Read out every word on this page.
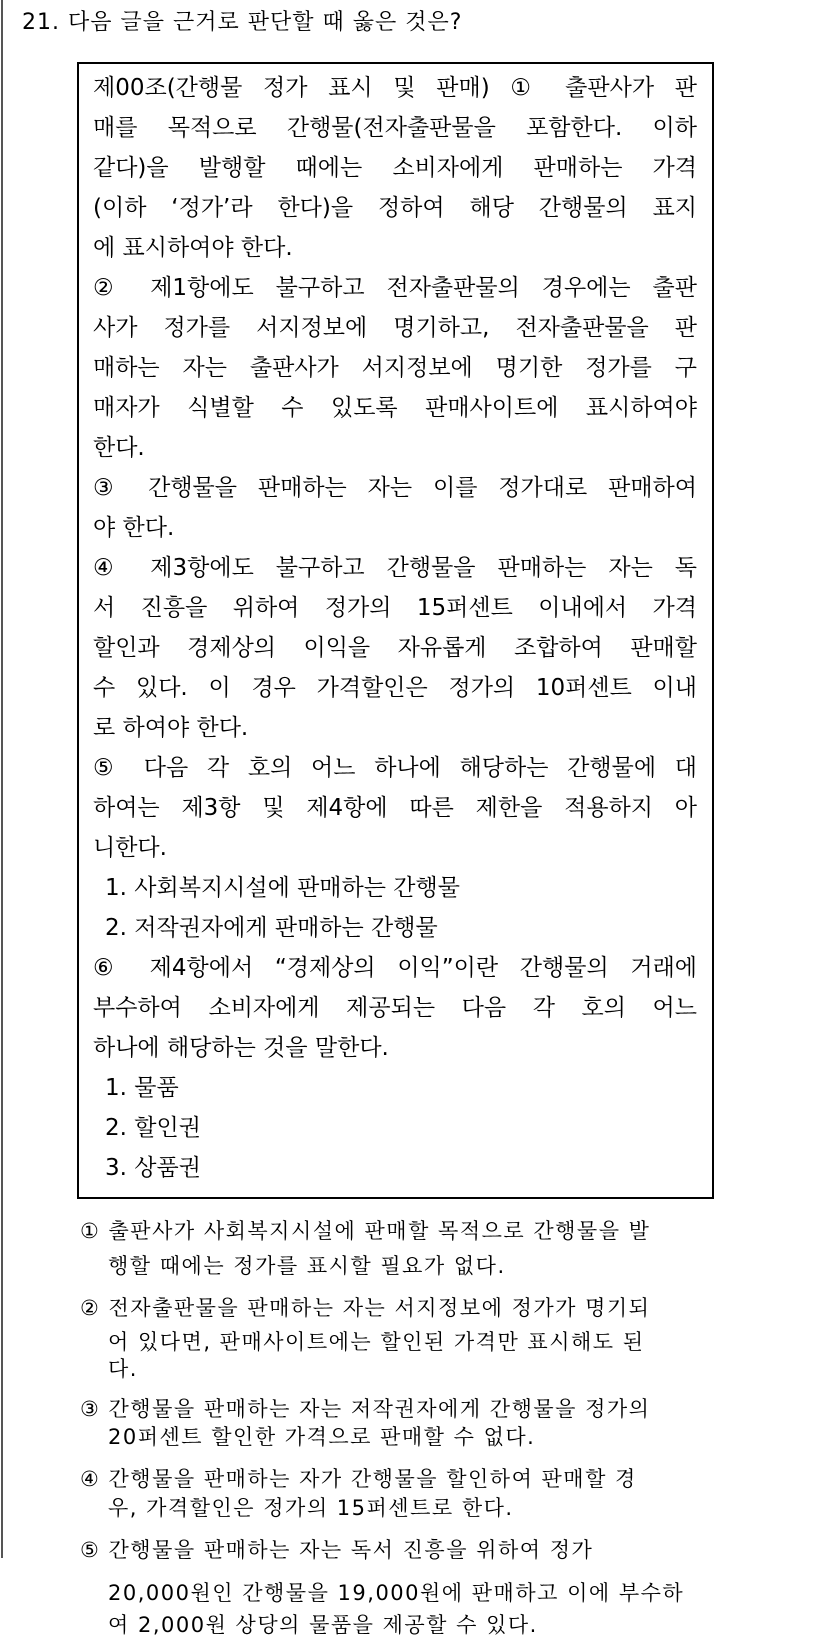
21. 다음 글을 근거로 판단할 때 옳은 것은?
제00조(간행물 정가 표시 및 판매) ① 출판사가 판
매를 목적으로 간행물(전자출판물을 포함한다. 이하
같다)을 발행할 때에는 소비자에게 판매하는 가격
(이하 ‘정가’라 한다)을 정하여 해당 간행물의 표지
에 표시하여야 한다.
② 제1항에도 불구하고 전자출판물의 경우에는 출판
사가 정가를 서지정보에 명기하고, 전자출판물을 판
매하는 자는 출판사가 서지정보에 명기한 정가를 구
매자가 식별할 수 있도록 판매사이트에 표시하여야
한다.
③ 간행물을 판매하는 자는 이를 정가대로 판매하여
야 한다.
④ 제3항에도 불구하고 간행물을 판매하는 자는 독
서 진흥을 위하여 정가의 15퍼센트 이내에서 가격
할인과 경제상의 이익을 자유롭게 조합하여 판매할
수 있다. 이 경우 가격할인은 정가의 10퍼센트 이내
로 하여야 한다.
⑤ 다음 각 호의 어느 하나에 해당하는 간행물에 대
하여는 제3항 및 제4항에 따른 제한을 적용하지 아
니한다.
1. 사회복지시설에 판매하는 간행물
2. 저작권자에게 판매하는 간행물
⑥ 제4항에서 “경제상의 이익”이란 간행물의 거래에
부수하여 소비자에게 제공되는 다음 각 호의 어느
하나에 해당하는 것을 말한다.
1. 물품
2. 할인권
3. 상품권
① 출판사가 사회복지시설에 판매할 목적으로 간행물을 발
행할 때에는 정가를 표시할 필요가 없다.
② 전자출판물을 판매하는 자는 서지정보에 정가가 명기되
어 있다면, 판매사이트에는 할인된 가격만 표시해도 된
다.
③ 간행물을 판매하는 자는 저작권자에게 간행물을 정가의
20퍼센트 할인한 가격으로 판매할 수 없다.
④ 간행물을 판매하는 자가 간행물을 할인하여 판매할 경
우, 가격할인은 정가의 15퍼센트로 한다.
⑤ 간행물을 판매하는 자는 독서 진흥을 위하여 정가
20,000원인 간행물을 19,000원에 판매하고 이에 부수하
여 2,000원 상당의 물품을 제공할 수 있다.
